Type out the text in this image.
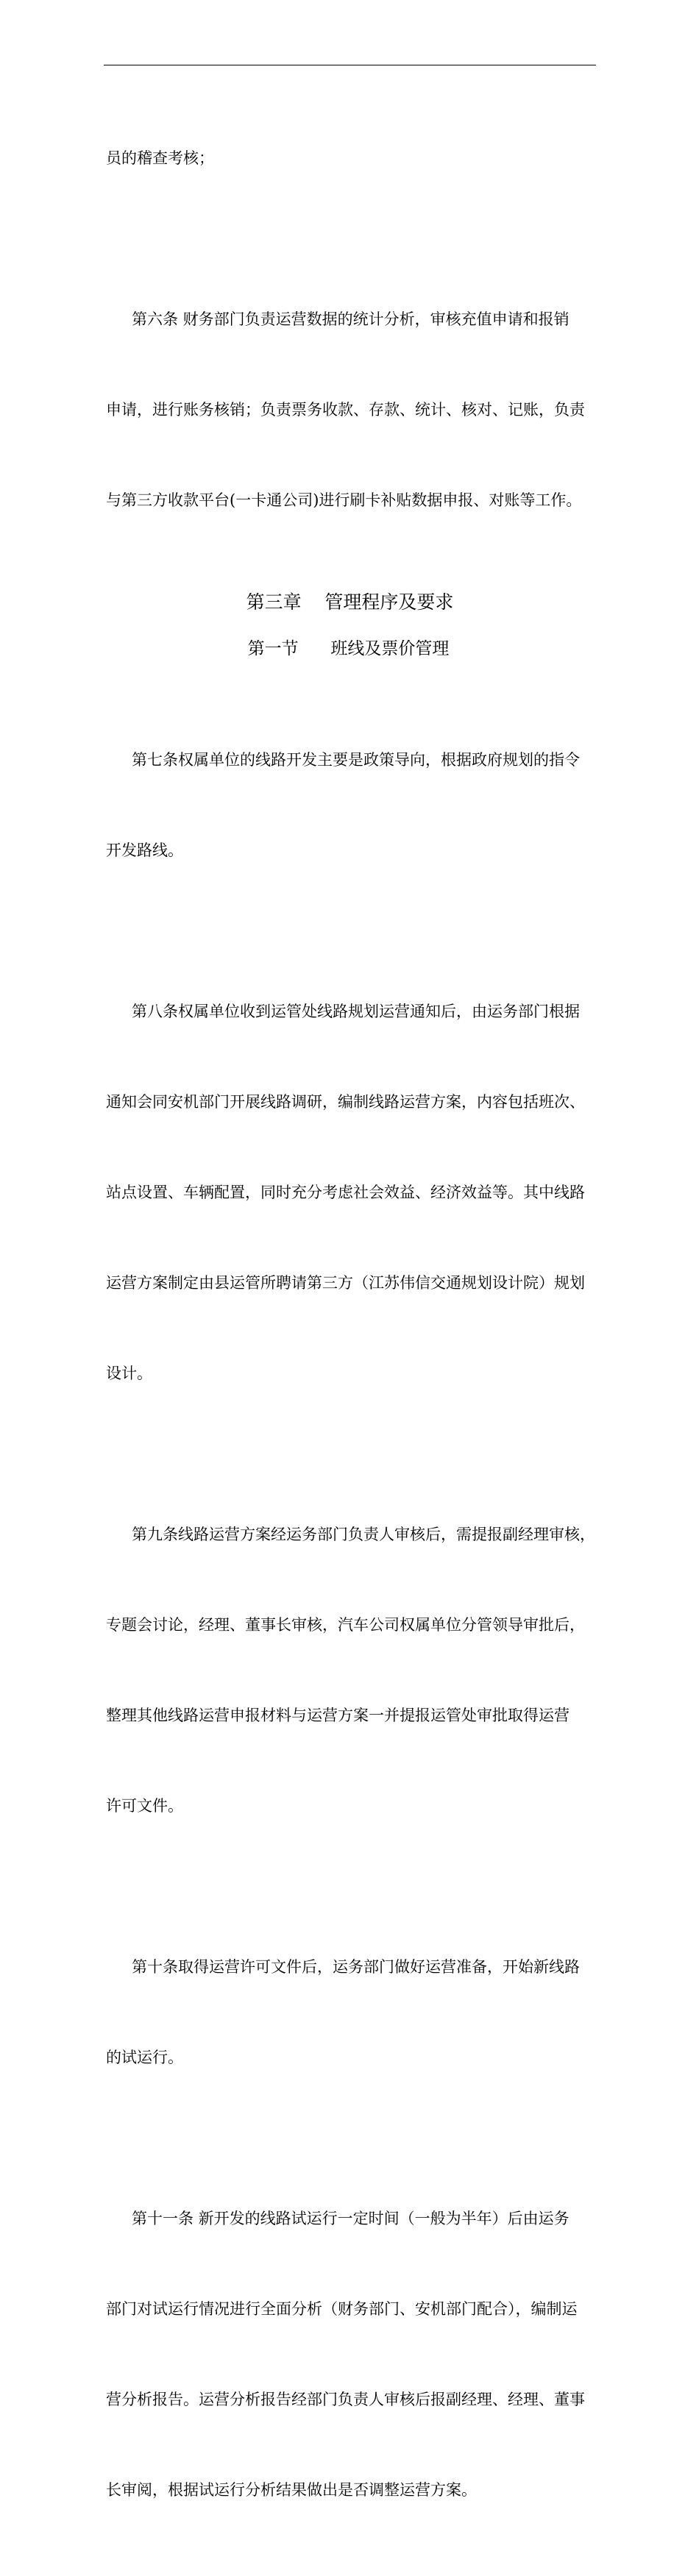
员的稽查考核；

第六条 财务部门负责运营数据的统计分析，审核充值申请和报销

申请，进行账务核销；负责票务收款、存款、统计、核对、记账，负责

与第三方收款平台(一卡通公司)进行刷卡补贴数据申报、对账等工作。

第三章    管理程序及要求
第一节      班线及票价管理

第七条权属单位的线路开发主要是政策导向，根据政府规划的指令

开发路线。

第八条权属单位收到运管处线路规划运营通知后，由运务部门根据

通知会同安机部门开展线路调研，编制线路运营方案，内容包括班次、

站点设置、车辆配置，同时充分考虑社会效益、经济效益等。其中线路

运营方案制定由县运管所聘请第三方（江苏伟信交通规划设计院）规划

设计。

第九条线路运营方案经运务部门负责人审核后，需提报副经理审核，

专题会讨论，经理、董事长审核，汽车公司权属单位分管领导审批后，

整理其他线路运营申报材料与运营方案一并提报运管处审批取得运营

许可文件。

第十条取得运营许可文件后，运务部门做好运营准备，开始新线路

的试运行。

第十一条 新开发的线路试运行一定时间（一般为半年）后由运务

部门对试运行情况进行全面分析（财务部门、安机部门配合），编制运

营分析报告。运营分析报告经部门负责人审核后报副经理、经理、董事

长审阅，根据试运行分析结果做出是否调整运营方案。
